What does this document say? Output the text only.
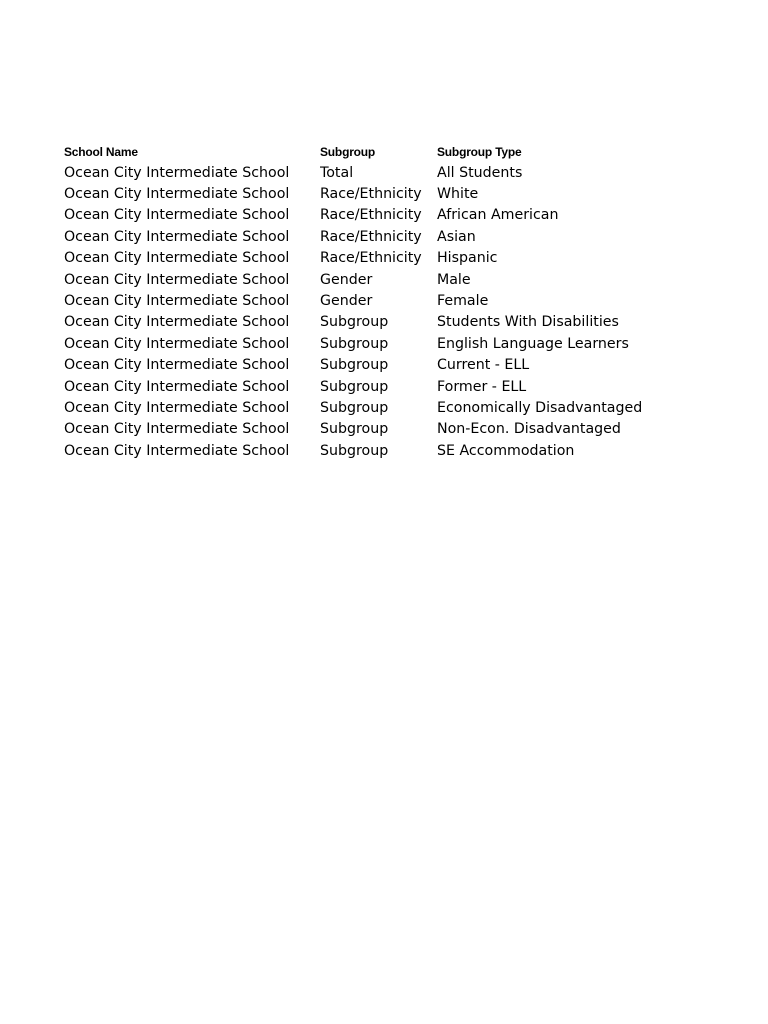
School Name	Subgroup	Subgroup Type
Ocean City Intermediate School	Total	All Students
Ocean City Intermediate School	Race/Ethnicity	White
Ocean City Intermediate School	Race/Ethnicity	African American
Ocean City Intermediate School	Race/Ethnicity	Asian
Ocean City Intermediate School	Race/Ethnicity	Hispanic
Ocean City Intermediate School	Gender	Male
Ocean City Intermediate School	Gender	Female
Ocean City Intermediate School	Subgroup	Students With Disabilities
Ocean City Intermediate School	Subgroup	English Language Learners
Ocean City Intermediate School	Subgroup	Current - ELL
Ocean City Intermediate School	Subgroup	Former - ELL
Ocean City Intermediate School	Subgroup	Economically Disadvantaged
Ocean City Intermediate School	Subgroup	Non-Econ. Disadvantaged
Ocean City Intermediate School	Subgroup	SE Accommodation
